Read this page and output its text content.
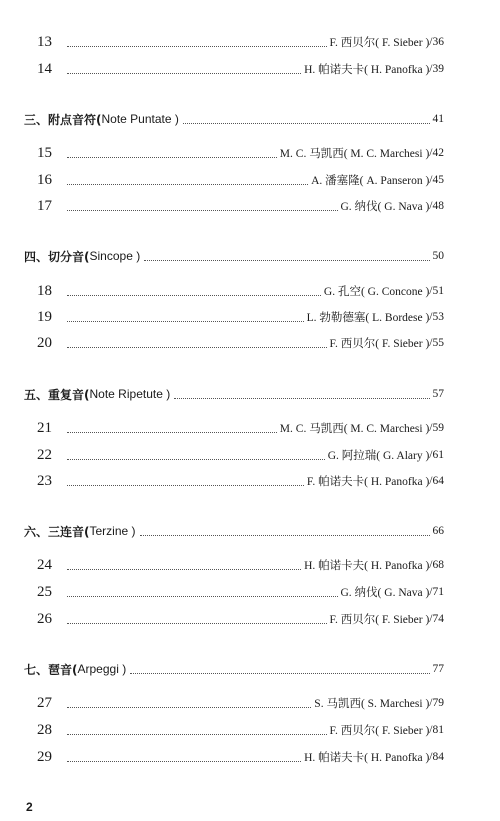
13	F. 西贝尔( F. Sieber ) /36
14	H. 帕诺夫卡( H. Panofka ) /39
三、附点音符( Note Puntate )	41
15	M. C. 马凯西( M. C. Marchesi ) /42
16	A. 潘塞隆( A. Panseron ) /45
17	G. 纳伐( G. Nava ) /48
四、切分音( Sincope )	50
18	G. 孔空( G. Concone ) /51
19	L. 勃勒德塞( L. Bordese ) /53
20	F. 西贝尔( F. Sieber ) /55
五、重复音( Note Ripetute )	57
21	M. C. 马凯西( M. C. Marchesi ) /59
22	G. 阿拉瑞( G. Alary ) /61
23	F. 帕诺夫卡( H. Panofka ) /64
六、三连音( Terzine )	66
24	H. 帕诺卡夫( H. Panofka ) /68
25	G. 纳伐( G. Nava ) /71
26	F. 西贝尔( F. Sieber ) /74
七、琶音( Arpeggi )	77
27	S. 马凯西( S. Marchesi ) /79
28	F. 西贝尔( F. Sieber ) /81
29	H. 帕诺夫卡( H. Panofka ) /84
2
